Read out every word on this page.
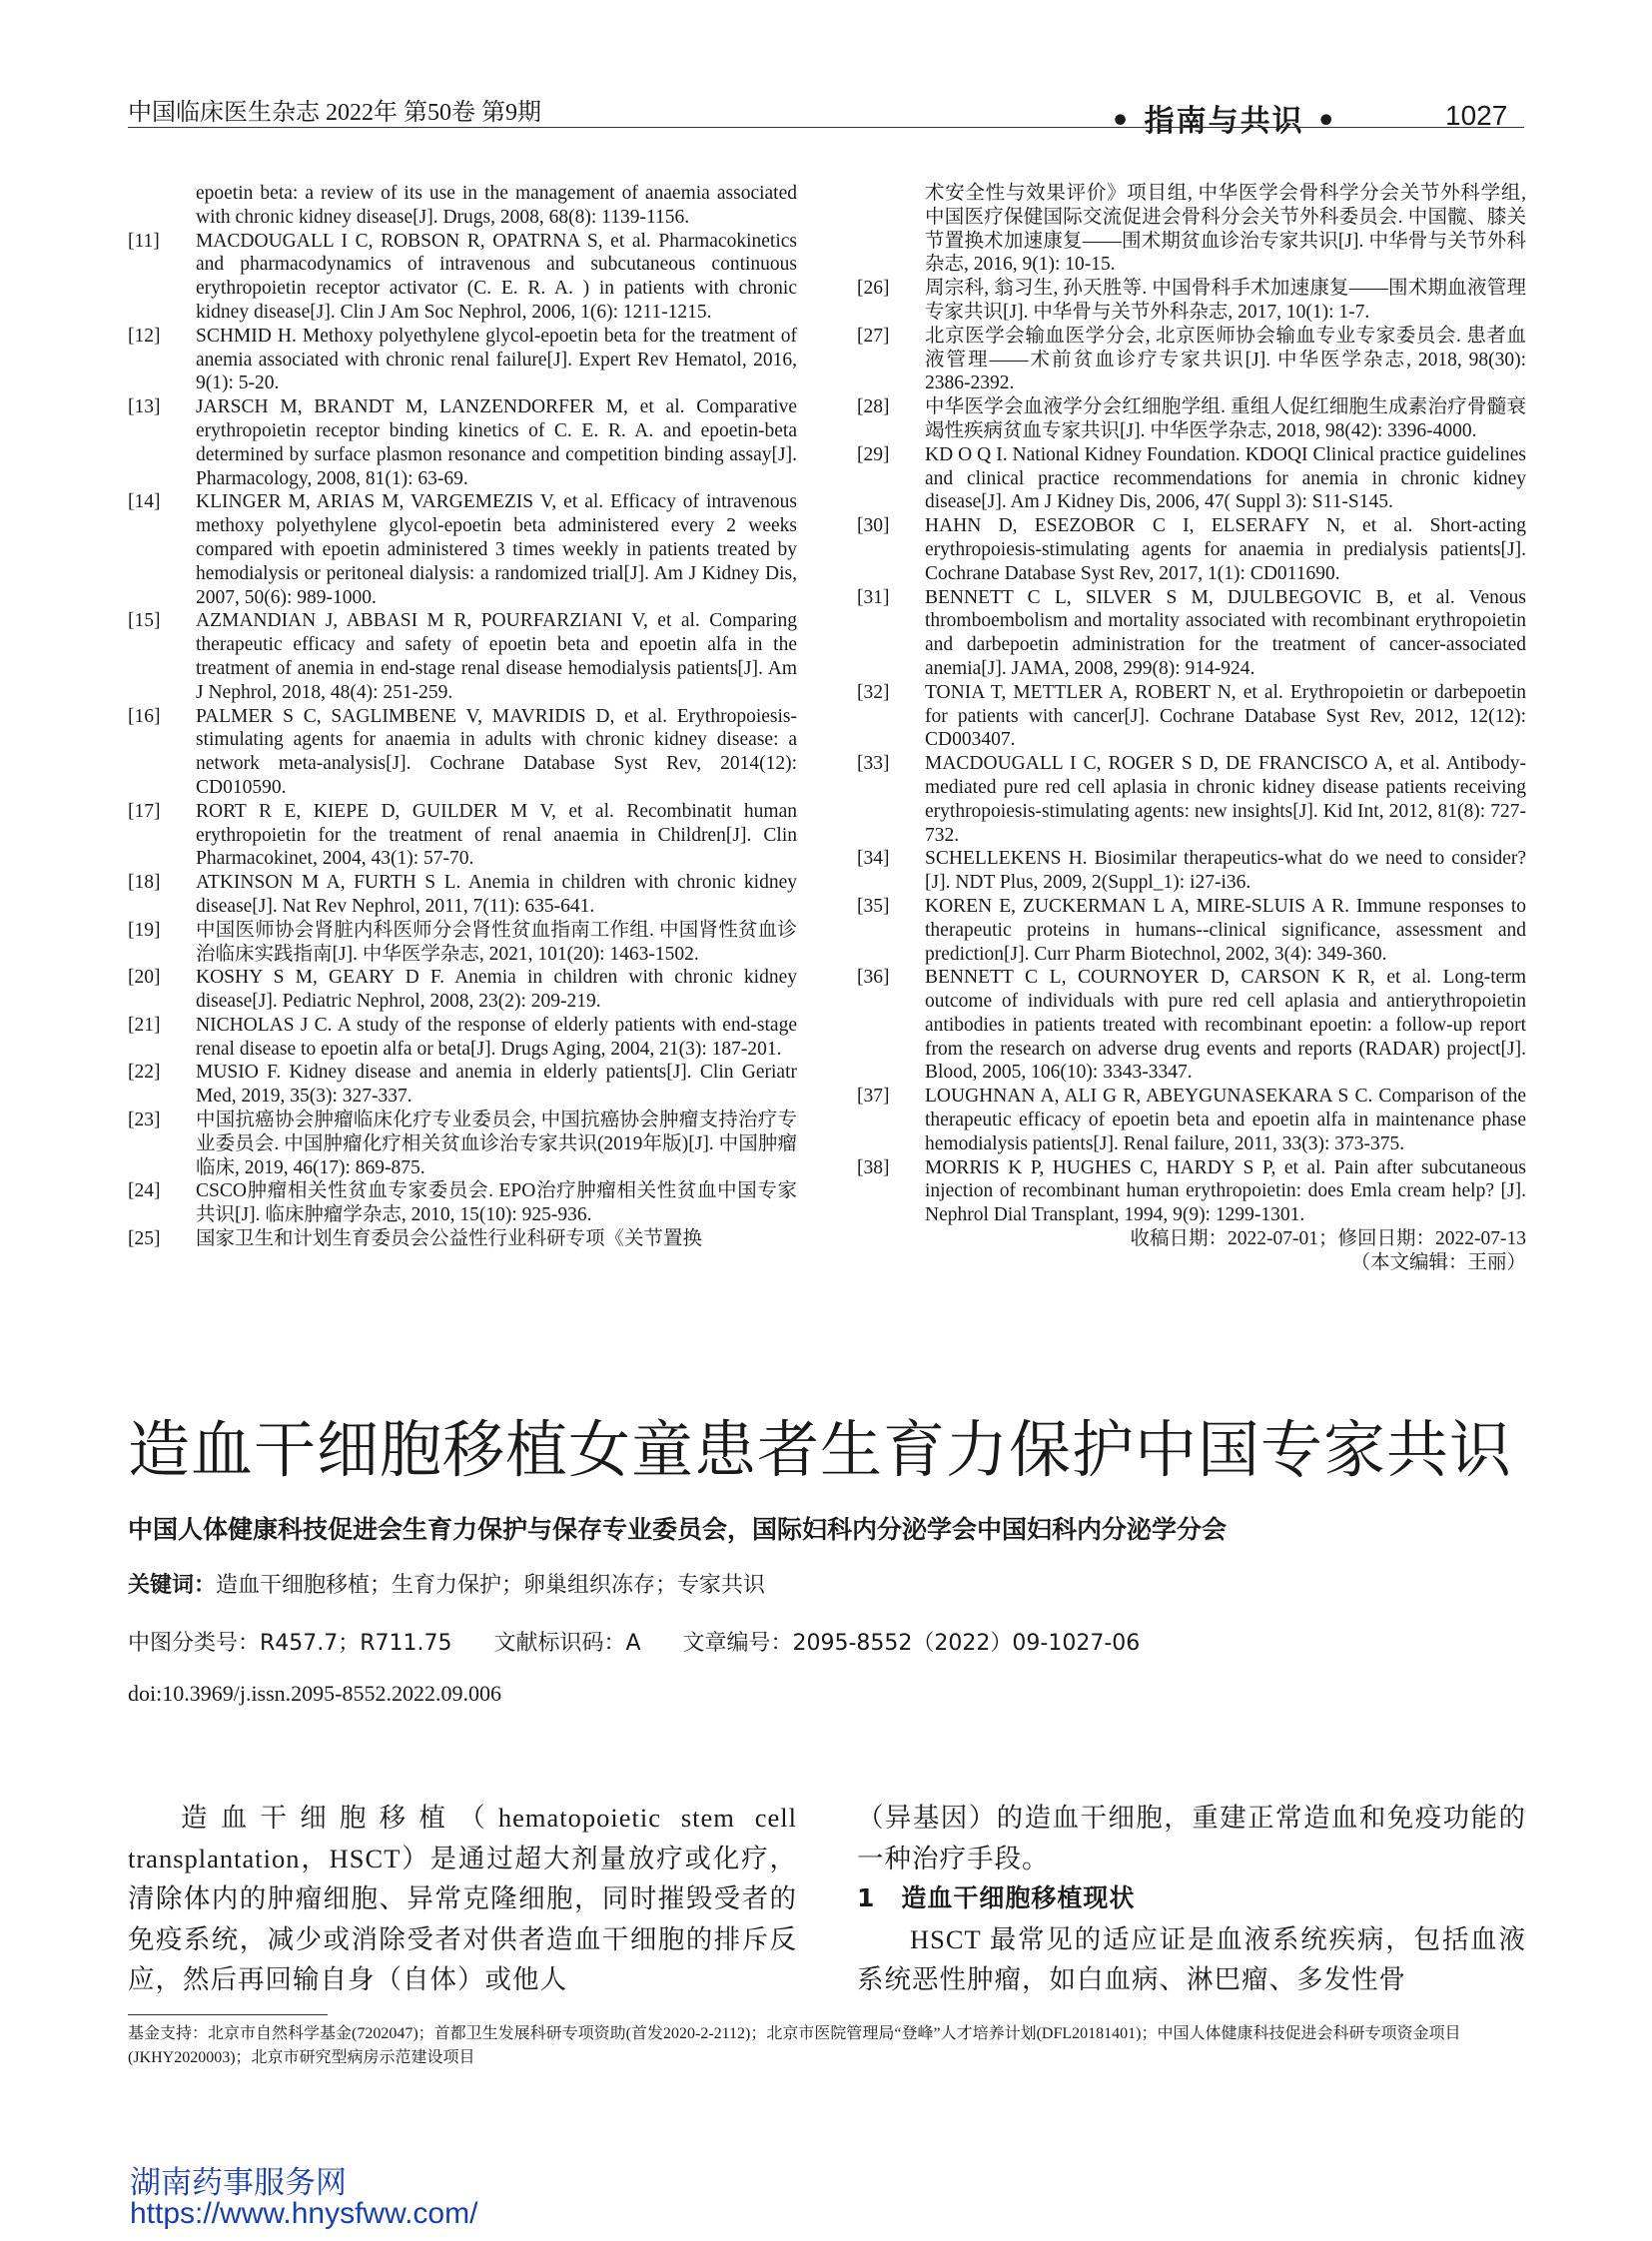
中国临床医生杂志 2022年 第50卷 第9期	• 指南与共识 •	1027
epoetin beta: a review of its use in the management of anaemia associated with chronic kidney disease[J]. Drugs, 2008, 68(8): 1139-1156.
[11]	MACDOUGALL I C, ROBSON R, OPATRNA S, et al. Pharmacokinetics and pharmacodynamics of intravenous and subcutaneous continuous erythropoietin receptor activator (C. E. R. A. ) in patients with chronic kidney disease[J]. Clin J Am Soc Nephrol, 2006, 1(6): 1211-1215.
[12]	SCHMID H. Methoxy polyethylene glycol-epoetin beta for the treatment of anemia associated with chronic renal failure[J]. Expert Rev Hematol, 2016, 9(1): 5-20.
[13]	JARSCH M, BRANDT M, LANZENDORFER M, et al. Comparative erythropoietin receptor binding kinetics of C. E. R. A. and epoetin-beta determined by surface plasmon resonance and competition binding assay[J]. Pharmacology, 2008, 81(1): 63-69.
[14]	KLINGER M, ARIAS M, VARGEMEZIS V, et al. Efficacy of intravenous methoxy polyethylene glycol-epoetin beta administered every 2 weeks compared with epoetin administered 3 times weekly in patients treated by hemodialysis or peritoneal dialysis: a randomized trial[J]. Am J Kidney Dis, 2007, 50(6): 989-1000.
[15]	AZMANDIAN J, ABBASI M R, POURFARZIANI V, et al. Comparing therapeutic efficacy and safety of epoetin beta and epoetin alfa in the treatment of anemia in end-stage renal disease hemodialysis patients[J]. Am J Nephrol, 2018, 48(4): 251-259.
[16]	PALMER S C, SAGLIMBENE V, MAVRIDIS D, et al. Erythropoiesis-stimulating agents for anaemia in adults with chronic kidney disease: a network meta-analysis[J]. Cochrane Database Syst Rev, 2014(12): CD010590.
[17]	RORT R E, KIEPE D, GUILDER M V, et al. Recombinatit human erythropoietin for the treatment of renal anaemia in Children[J]. Clin Pharmacokinet, 2004, 43(1): 57-70.
[18]	ATKINSON M A, FURTH S L. Anemia in children with chronic kidney disease[J]. Nat Rev Nephrol, 2011, 7(11): 635-641.
[19]	中国医师协会肾脏内科医师分会肾性贫血指南工作组. 中国肾性贫血诊治临床实践指南[J]. 中华医学杂志, 2021, 101(20): 1463-1502.
[20]	KOSHY S M, GEARY D F. Anemia in children with chronic kidney disease[J]. Pediatric Nephrol, 2008, 23(2): 209-219.
[21]	NICHOLAS J C. A study of the response of elderly patients with end-stage renal disease to epoetin alfa or beta[J]. Drugs Aging, 2004, 21(3): 187-201.
[22]	MUSIO F. Kidney disease and anemia in elderly patients[J]. Clin Geriatr Med, 2019, 35(3): 327-337.
[23]	中国抗癌协会肿瘤临床化疗专业委员会, 中国抗癌协会肿瘤支持治疗专业委员会. 中国肿瘤化疗相关贫血诊治专家共识(2019年版)[J]. 中国肿瘤临床, 2019, 46(17): 869-875.
[24]	CSCO肿瘤相关性贫血专家委员会. EPO治疗肿瘤相关性贫血中国专家共识[J]. 临床肿瘤学杂志, 2010, 15(10): 925-936.
[25]	国家卫生和计划生育委员会公益性行业科研专项《关节置换
术安全性与效果评价》项目组, 中华医学会骨科学分会关节外科学组, 中国医疗保健国际交流促进会骨科分会关节外科委员会. 中国髋、膝关节置换术加速康复——围术期贫血诊治专家共识[J]. 中华骨与关节外科杂志, 2016, 9(1): 10-15.
[26]	周宗科, 翁习生, 孙天胜等. 中国骨科手术加速康复——围术期血液管理专家共识[J]. 中华骨与关节外科杂志, 2017, 10(1): 1-7.
[27]	北京医学会输血医学分会, 北京医师协会输血专业专家委员会. 患者血液管理——术前贫血诊疗专家共识[J]. 中华医学杂志, 2018, 98(30): 2386-2392.
[28]	中华医学会血液学分会红细胞学组. 重组人促红细胞生成素治疗骨髓衰竭性疾病贫血专家共识[J]. 中华医学杂志, 2018, 98(42): 3396-4000.
[29]	KD O Q I. National Kidney Foundation. KDOQI Clinical practice guidelines and clinical practice recommendations for anemia in chronic kidney disease[J]. Am J Kidney Dis, 2006, 47( Suppl 3): S11-S145.
[30]	HAHN D, ESEZOBOR C I, ELSERAFY N, et al. Short-acting erythropoiesis-stimulating agents for anaemia in predialysis patients[J]. Cochrane Database Syst Rev, 2017, 1(1): CD011690.
[31]	BENNETT C L, SILVER S M, DJULBEGOVIC B, et al. Venous thromboembolism and mortality associated with recombinant erythropoietin and darbepoetin administration for the treatment of cancer-associated anemia[J]. JAMA, 2008, 299(8): 914-924.
[32]	TONIA T, METTLER A, ROBERT N, et al. Erythropoietin or darbepoetin for patients with cancer[J]. Cochrane Database Syst Rev, 2012, 12(12): CD003407.
[33]	MACDOUGALL I C, ROGER S D, DE FRANCISCO A, et al. Antibody-mediated pure red cell aplasia in chronic kidney disease patients receiving erythropoiesis-stimulating agents: new insights[J]. Kid Int, 2012, 81(8): 727-732.
[34]	SCHELLEKENS H. Biosimilar therapeutics-what do we need to consider? [J]. NDT Plus, 2009, 2(Suppl_1): i27-i36.
[35]	KOREN E, ZUCKERMAN L A, MIRE-SLUIS A R. Immune responses to therapeutic proteins in humans--clinical significance, assessment and prediction[J]. Curr Pharm Biotechnol, 2002, 3(4): 349-360.
[36]	BENNETT C L, COURNOYER D, CARSON K R, et al. Long-term outcome of individuals with pure red cell aplasia and antierythropoietin antibodies in patients treated with recombinant epoetin: a follow-up report from the research on adverse drug events and reports (RADAR) project[J]. Blood, 2005, 106(10): 3343-3347.
[37]	LOUGHNAN A, ALI G R, ABEYGUNASEKARA S C. Comparison of the therapeutic efficacy of epoetin beta and epoetin alfa in maintenance phase hemodialysis patients[J]. Renal failure, 2011, 33(3): 373-375.
[38]	MORRIS K P, HUGHES C, HARDY S P, et al. Pain after subcutaneous injection of recombinant human erythropoietin: does Emla cream help? [J]. Nephrol Dial Transplant, 1994, 9(9): 1299-1301.
收稿日期：2022-07-01；修回日期：2022-07-13
（本文编辑：王丽）
造血干细胞移植女童患者生育力保护中国专家共识
中国人体健康科技促进会生育力保护与保存专业委员会，国际妇科内分泌学会中国妇科内分泌学分会
关键词：造血干细胞移植；生育力保护；卵巢组织冻存；专家共识
中图分类号：R457.7；R711.75      文献标识码：A      文章编号：2095-8552（2022）09-1027-06
doi:10.3969/j.issn.2095-8552.2022.09.006

造血干细胞移植（hematopoietic stem cell transplantation，HSCT）是通过超大剂量放疗或化疗，清除体内的肿瘤细胞、异常克隆细胞，同时摧毁受者的免疫系统，减少或消除受者对供者造血干细胞的排斥反应，然后再回输自身（自体）或他人

（异基因）的造血干细胞，重建正常造血和免疫功能的一种治疗手段。

1　造血干细胞移植现状

HSCT 最常见的适应证是血液系统疾病，包括血液系统恶性肿瘤，如白血病、淋巴瘤、多发性骨

基金支持：北京市自然科学基金(7202047)；首都卫生发展科研专项资助(首发2020-2-2112)；北京市医院管理局“登峰”人才培养计划(DFL20181401)；中国人体健康科技促进会科研专项资金项目(JKHY2020003)；北京市研究型病房示范建设项目
湖南药事服务网
https://www.hnysfww.com/
